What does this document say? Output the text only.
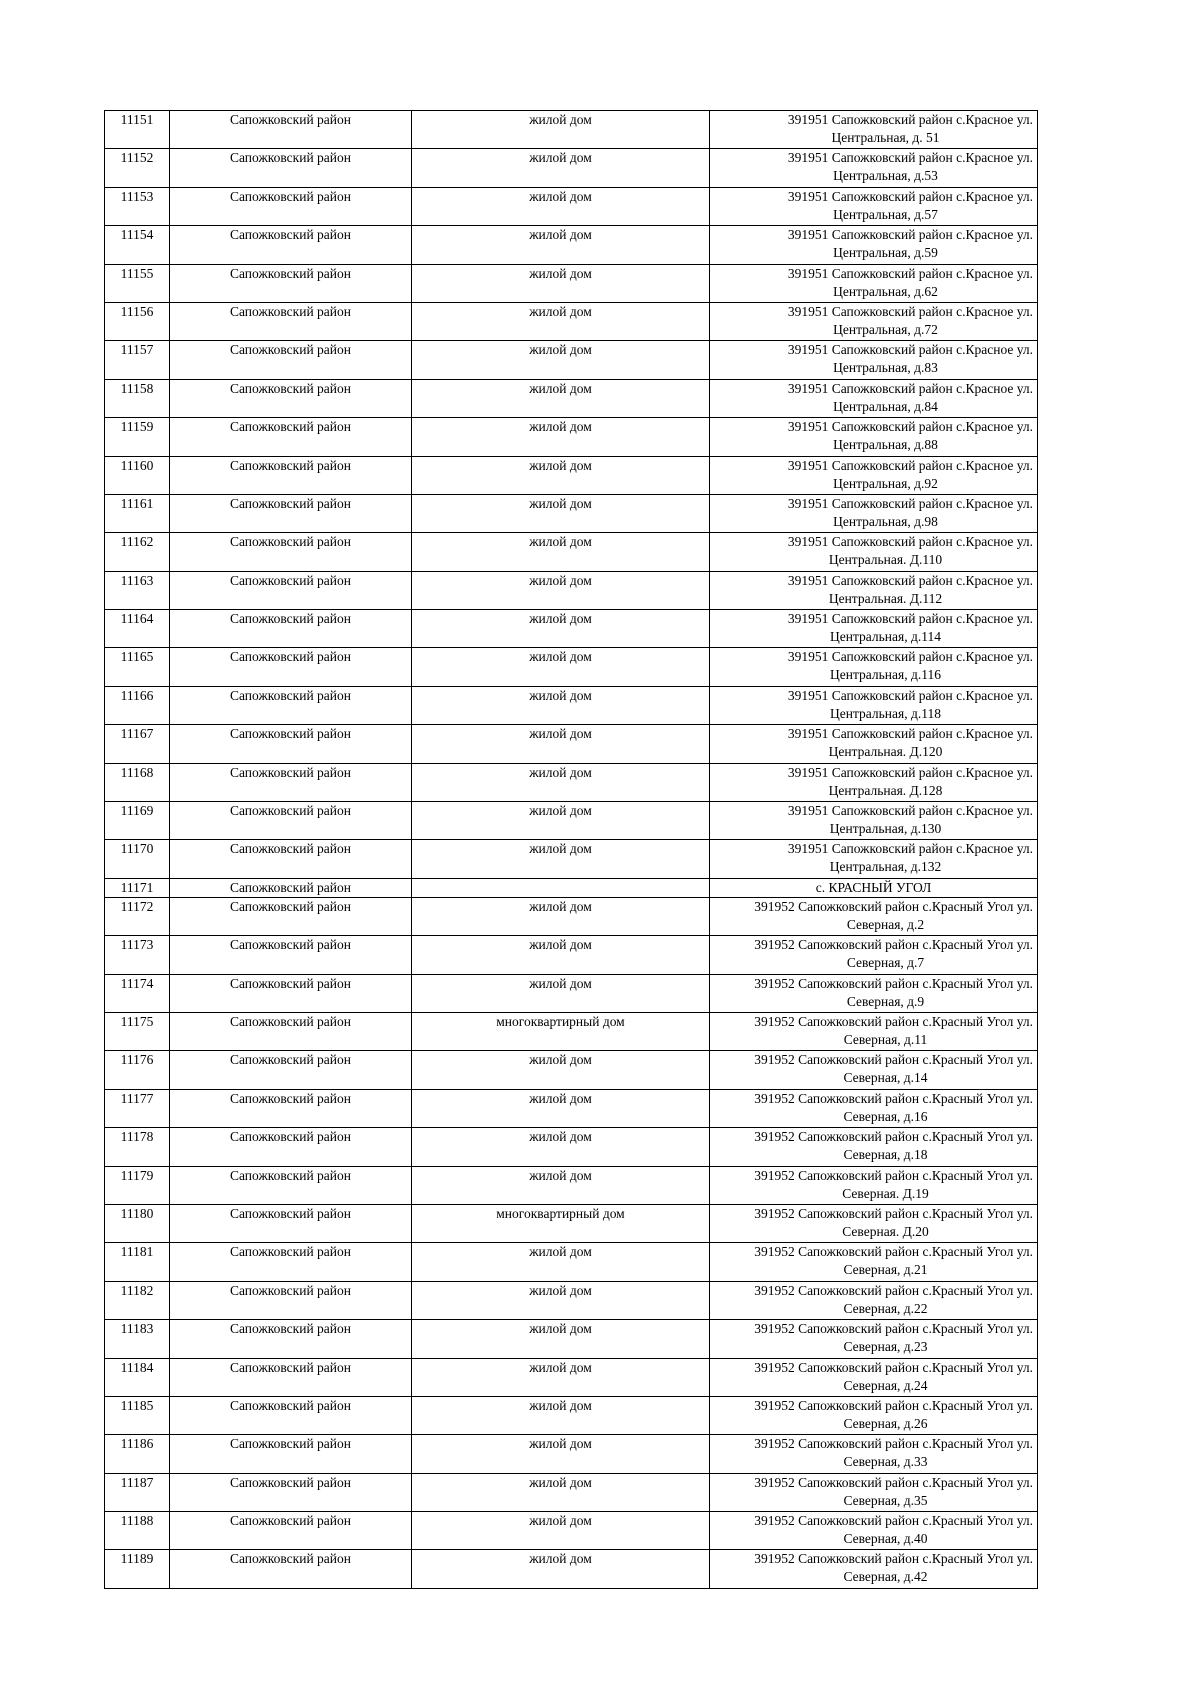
11151	Сапожковский район	жилой дом	391951 Сапожковский район с.Красное ул.
Центральная, д. 51

11152	Сапожковский район	жилой дом	391951 Сапожковский район с.Красное ул.
Центральная, д.53

11153	Сапожковский район	жилой дом	391951 Сапожковский район с.Красное ул.
Центральная, д.57

11154	Сапожковский район	жилой дом	391951 Сапожковский район с.Красное ул.
Центральная, д.59

11155	Сапожковский район	жилой дом	391951 Сапожковский район с.Красное ул.
Центральная, д.62

11156	Сапожковский район	жилой дом	391951 Сапожковский район с.Красное ул.
Центральная, д.72

11157	Сапожковский район	жилой дом	391951 Сапожковский район с.Красное ул.
Центральная, д.83

11158	Сапожковский район	жилой дом	391951 Сапожковский район с.Красное ул.
Центральная, д.84

11159	Сапожковский район	жилой дом	391951 Сапожковский район с.Красное ул.
Центральная, д.88

11160	Сапожковский район	жилой дом	391951 Сапожковский район с.Красное ул.
Центральная, д.92

11161	Сапожковский район	жилой дом	391951 Сапожковский район с.Красное ул.
Центральная, д.98

11162	Сапожковский район	жилой дом	391951 Сапожковский район с.Красное ул.
Центральная. Д.110

11163	Сапожковский район	жилой дом	391951 Сапожковский район с.Красное ул.
Центральная. Д.112

11164	Сапожковский район	жилой дом	391951 Сапожковский район с.Красное ул.
Центральная, д.114

11165	Сапожковский район	жилой дом	391951 Сапожковский район с.Красное ул.
Центральная, д.116

11166	Сапожковский район	жилой дом	391951 Сапожковский район с.Красное ул.
Центральная, д.118

11167	Сапожковский район	жилой дом	391951 Сапожковский район с.Красное ул.
Центральная. Д.120

11168	Сапожковский район	жилой дом	391951 Сапожковский район с.Красное ул.
Центральная. Д.128

11169	Сапожковский район	жилой дом	391951 Сапожковский район с.Красное ул.
Центральная, д.130

11170	Сапожковский район	жилой дом	391951 Сапожковский район с.Красное ул.
Центральная, д.132

11171	Сапожковский район		с. КРАСНЫЙ УГОЛ

11172	Сапожковский район	жилой дом	391952 Сапожковский район с.Красный Угол ул.
Северная, д.2

11173	Сапожковский район	жилой дом	391952 Сапожковский район с.Красный Угол ул.
Северная, д.7

11174	Сапожковский район	жилой дом	391952 Сапожковский район с.Красный Угол ул.
Северная, д.9

11175	Сапожковский район	многоквартирный дом	391952 Сапожковский район с.Красный Угол ул.
Северная, д.11

11176	Сапожковский район	жилой дом	391952 Сапожковский район с.Красный Угол ул.
Северная, д.14

11177	Сапожковский район	жилой дом	391952 Сапожковский район с.Красный Угол ул.
Северная, д.16

11178	Сапожковский район	жилой дом	391952 Сапожковский район с.Красный Угол ул.
Северная, д.18

11179	Сапожковский район	жилой дом	391952 Сапожковский район с.Красный Угол ул.
Северная. Д.19

11180	Сапожковский район	многоквартирный дом	391952 Сапожковский район с.Красный Угол ул.
Северная. Д.20

11181	Сапожковский район	жилой дом	391952 Сапожковский район с.Красный Угол ул.
Северная, д.21

11182	Сапожковский район	жилой дом	391952 Сапожковский район с.Красный Угол ул.
Северная, д.22

11183	Сапожковский район	жилой дом	391952 Сапожковский район с.Красный Угол ул.
Северная, д.23

11184	Сапожковский район	жилой дом	391952 Сапожковский район с.Красный Угол ул.
Северная, д.24

11185	Сапожковский район	жилой дом	391952 Сапожковский район с.Красный Угол ул.
Северная, д.26

11186	Сапожковский район	жилой дом	391952 Сапожковский район с.Красный Угол ул.
Северная, д.33

11187	Сапожковский район	жилой дом	391952 Сапожковский район с.Красный Угол ул.
Северная, д.35

11188	Сапожковский район	жилой дом	391952 Сапожковский район с.Красный Угол ул.
Северная, д.40

11189	Сапожковский район	жилой дом	391952 Сапожковский район с.Красный Угол ул.
Северная, д.42
